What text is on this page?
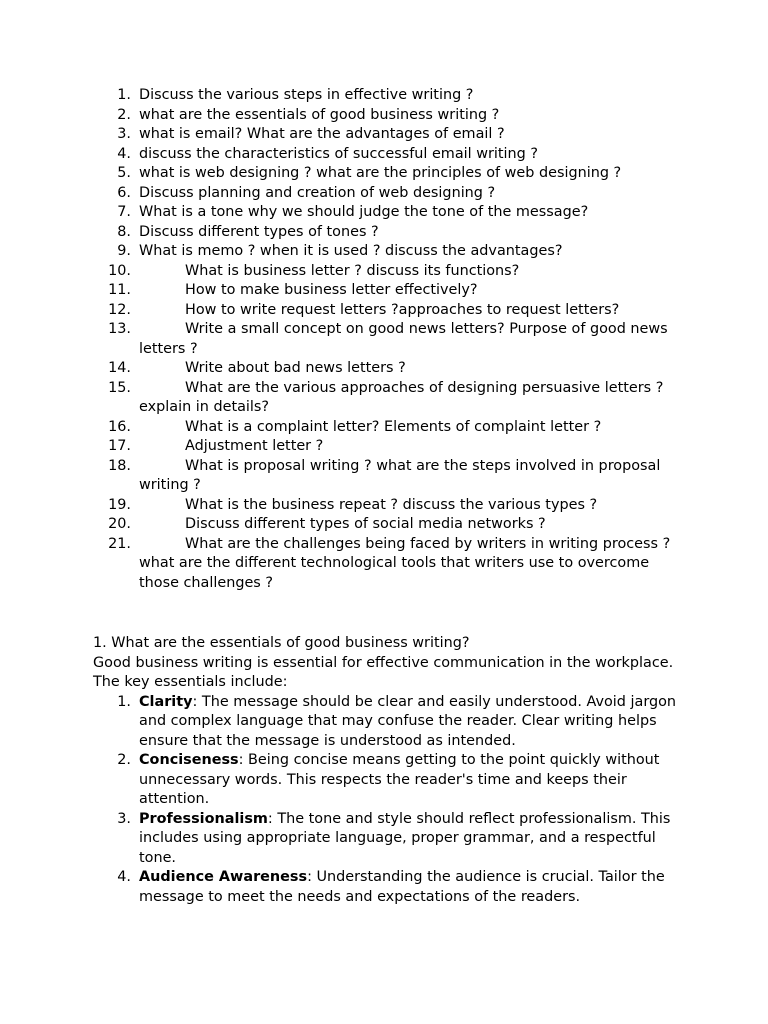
1. Discuss the various steps in effective writing ?
2. what are the essentials of good business writing ?
3. what is email? What are the advantages of email ?
4. discuss the characteristics of successful email writing ?
5. what is web designing ? what are the principles of web designing ?
6. Discuss planning and creation of web designing ?
7. What is a tone why we should judge the tone of the message?
8. Discuss different types of tones ?
9. What is memo ? when it is used ? discuss the advantages?
10.	What is business letter ? discuss its functions?
11.	How to make business letter effectively?
12.	How to write request letters ?approaches to request letters?
13.	Write a small concept on good news letters? Purpose of good news letters ?
14.	Write about bad news letters ?
15.	What are the various approaches of designing persuasive letters ? explain in details?
16.	What is a complaint letter? Elements of complaint letter ?
17.	Adjustment letter ?
18.	What is proposal writing ? what are the steps involved in proposal writing ?
19.	What is the business repeat ? discuss the various types ?
20.	Discuss different types of social media networks ?
21.	What are the challenges being faced by writers in writing process ? what are the different technological tools that writers use to overcome those challenges ?

1. What are the essentials of good business writing?

Good business writing is essential for effective communication in the workplace. The key essentials include:

1. Clarity: The message should be clear and easily understood. Avoid jargon and complex language that may confuse the reader. Clear writing helps ensure that the message is understood as intended.
2. Conciseness: Being concise means getting to the point quickly without unnecessary words. This respects the reader's time and keeps their attention.
3. Professionalism: The tone and style should reflect professionalism. This includes using appropriate language, proper grammar, and a respectful tone.
4. Audience Awareness: Understanding the audience is crucial. Tailor the message to meet the needs and expectations of the readers.
